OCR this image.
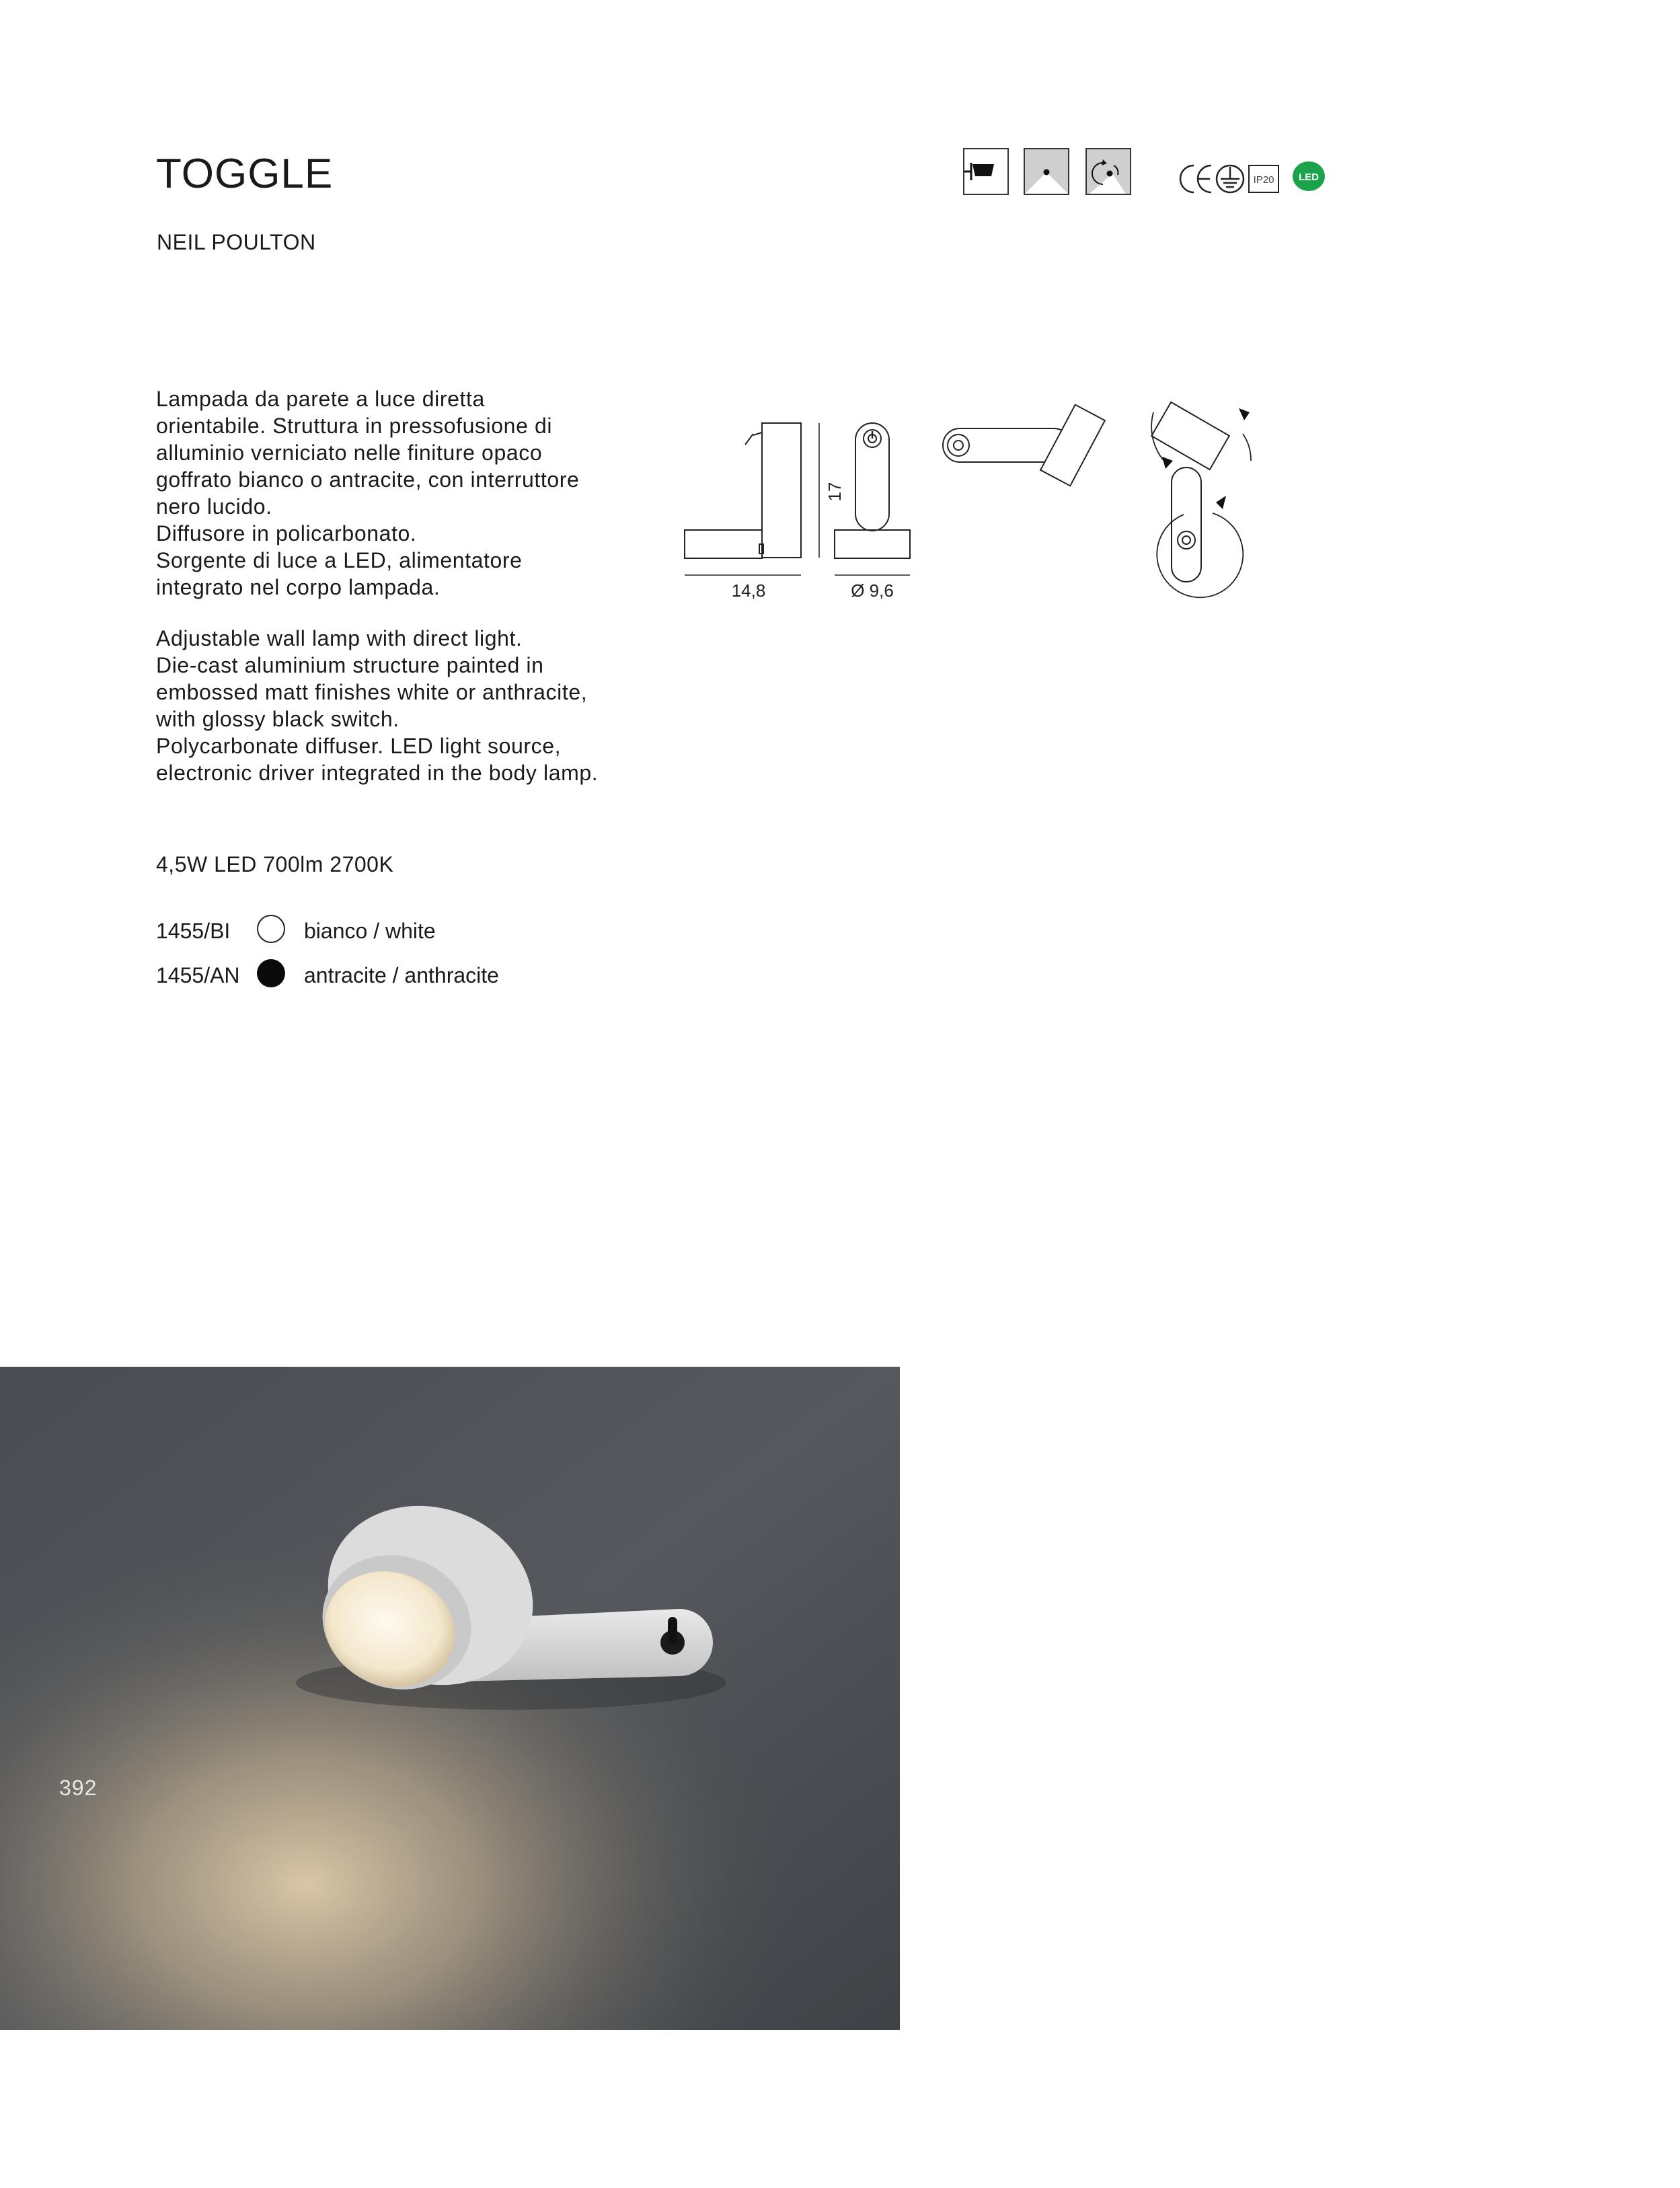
TOGGLE
NEIL POULTON
IP20 LED
Lampada da parete a luce diretta
orientabile. Struttura in pressofusione di
alluminio verniciato nelle finiture opaco
goffrato bianco o antracite, con interruttore
nero lucido.
Diffusore in policarbonato.
Sorgente di luce a LED, alimentatore
integrato nel corpo lampada.
Adjustable wall lamp with direct light.
Die-cast aluminium structure painted in
embossed matt finishes white or anthracite,
with glossy black switch.
Polycarbonate diffuser. LED light source,
electronic driver integrated in the body lamp.
14,8
17
Ø 9,6
4,5W LED 700lm 2700K
1455/BI	bianco / white
1455/AN	antracite / anthracite
392
